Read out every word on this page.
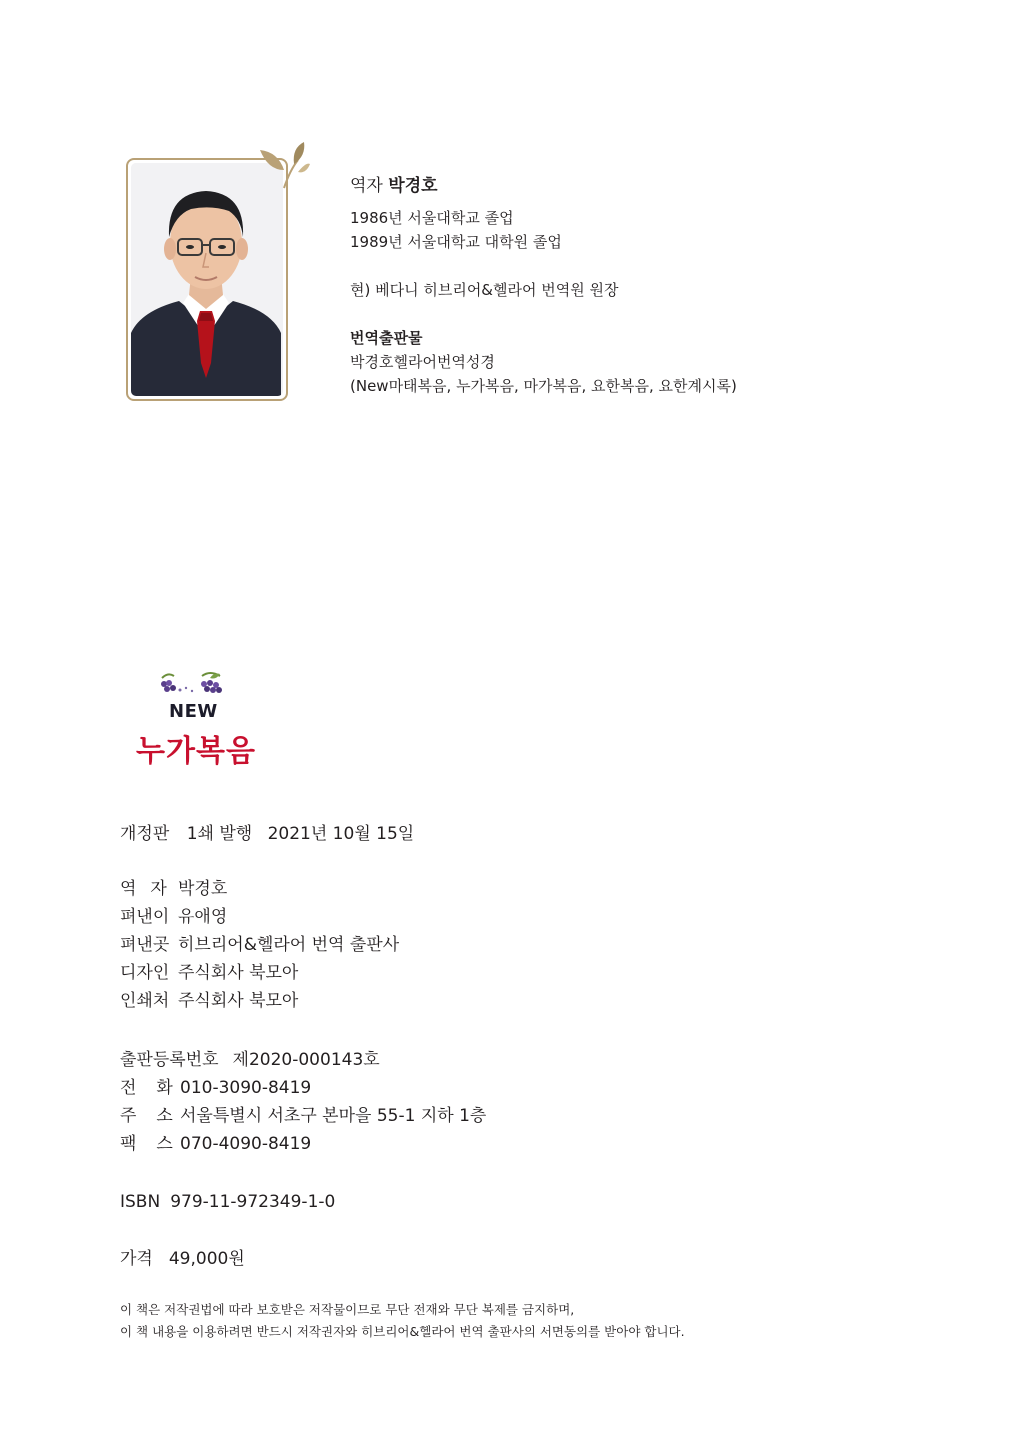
역자 박경호
1986년 서울대학교 졸업
1989년 서울대학교 대학원 졸업
현) 베다니 히브리어&헬라어 번역원 원장
번역출판물
박경호헬라어번역성경
(New마태복음, 누가복음, 마가복음, 요한복음, 요한계시록)
NEW
누가복음
개정판 1쇄 발행 2021년 10월 15일
역자박경호
펴낸이 유애영
펴낸곳 히브리어&헬라어 번역 출판사
디자인 주식회사 북모아
인쇄처 주식회사 북모아
출판등록번호 제2020-000143호
전화010-3090-8419
주소서울특별시 서초구 본마을 55-1 지하 1층
팩스070-4090-8419
ISBN 979-11-972349-1-0
가격 49,000원
이 책은 저작권법에 따라 보호받은 저작물이므로 무단 전재와 무단 복제를 금지하며,
이 책 내용을 이용하려면 반드시 저작권자와 히브리어&헬라어 번역 출판사의 서면동의를 받아야 합니다.
